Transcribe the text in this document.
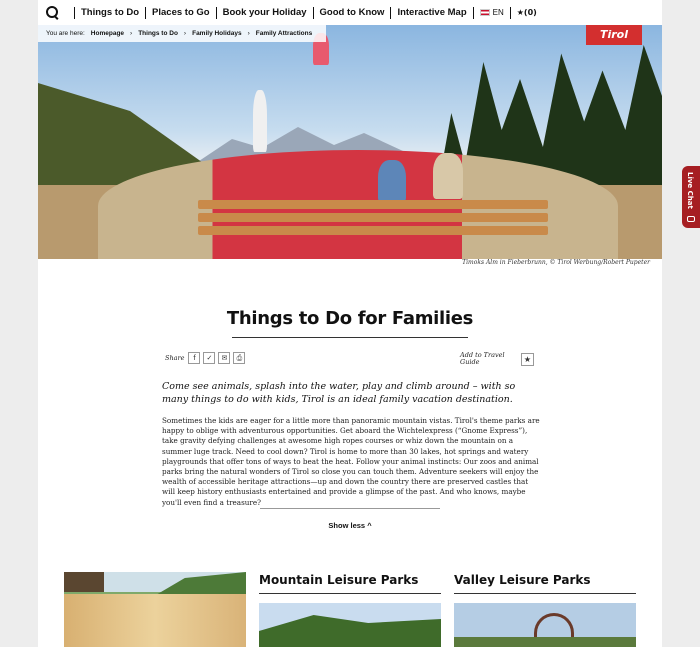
Things to Do Places to Go Book your Holiday Good to Know Interactive Map	EN ★(0)
You are here: Homepage › Things to Do › Family Holidays › Family Attractions	Tirol
Timoks Alm in Fieberbrunn, © Tirol Werbung/Robert Pupeter
Live Chat
Things to Do for Families
Share	f	✓	✉	⎙	Add to Travel Guide	★
Come see animals, splash into the water, play and climb around – with so many things to do with kids, Tirol is an ideal family vacation destination.
Sometimes the kids are eager for a little more than panoramic mountain vistas. Tirol's theme parks are happy to oblige with adventurous opportunities. Get aboard the Wichtelexpress (“Gnome Express”), take gravity defying challenges at awesome high ropes courses or whiz down the mountain on a summer luge track. Need to cool down? Tirol is home to more than 30 lakes, hot springs and watery playgrounds that offer tons of ways to beat the heat. Follow your animal instincts: Our zoos and animal parks bring the natural wonders of Tirol so close you can touch them. Adventure seekers will enjoy the wealth of accessible heritage attractions—up and down the country there are preserved castles that will keep history enthusiasts entertained and provide a glimpse of the past. And who knows, maybe you'll even find a treasure?
Show less ^
Mountain Leisure Parks	Valley Leisure Parks
